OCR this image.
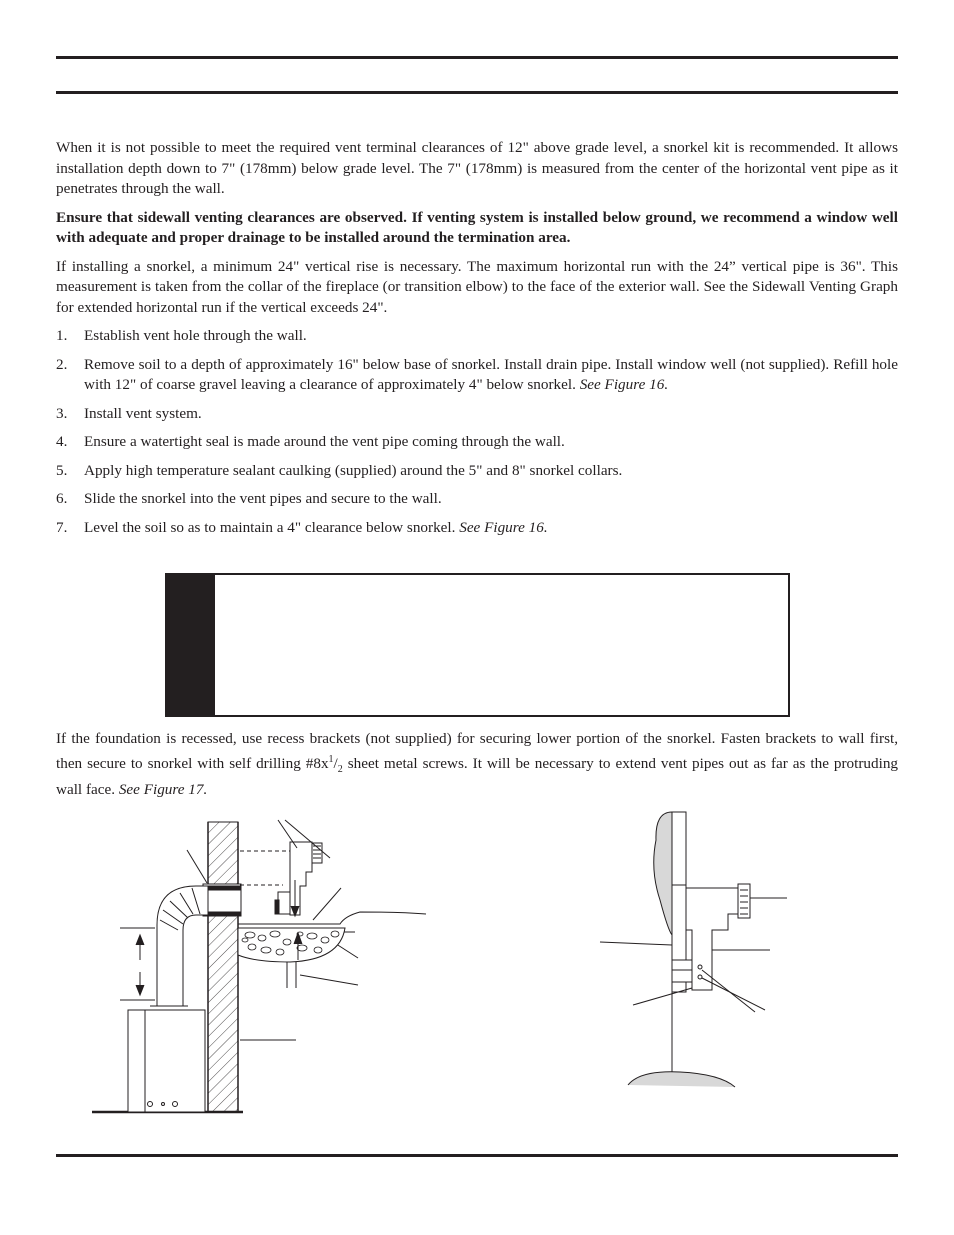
When it is not possible to meet the required vent terminal clearances of 12" above grade level, a snorkel kit is recommended. It allows installation depth down to 7" (178mm) below grade level. The 7" (178mm) is measured from the center of the horizontal vent pipe as it penetrates through the wall.

Ensure that sidewall venting clearances are observed. If venting system is installed below ground, we recommend a window well with adequate and proper drainage to be installed around the termination area.

If installing a snorkel, a minimum 24" vertical rise is necessary. The maximum horizontal run with the 24” vertical pipe is 36". This measurement is taken from the collar of the fireplace (or transition elbow) to the face of the exterior wall. See the Sidewall Venting Graph for extended horizontal run if the vertical exceeds 24".

1. Establish vent hole through the wall.
2. Remove soil to a depth of approximately 16" below base of snorkel. Install drain pipe. Install window well (not supplied). Refill hole with 12" of coarse gravel leaving a clearance of approximately 4" below snorkel. See Figure 16.
3. Install vent system.
4. Ensure a watertight seal is made around the vent pipe coming through the wall.
5. Apply high temperature sealant caulking (supplied) around the 5" and 8" snorkel collars.
6. Slide the snorkel into the vent pipes and secure to the wall.
7. Level the soil so as to maintain a 4" clearance below snorkel. See Figure 16.

If the foundation is recessed, use recess brackets (not supplied) for securing lower portion of the snorkel. Fasten brackets to wall first, then secure to snorkel with self drilling $\#8x^1/_2$ sheet metal screws. It will be necessary to extend vent pipes out as far as the protruding wall face. See Figure 17.
